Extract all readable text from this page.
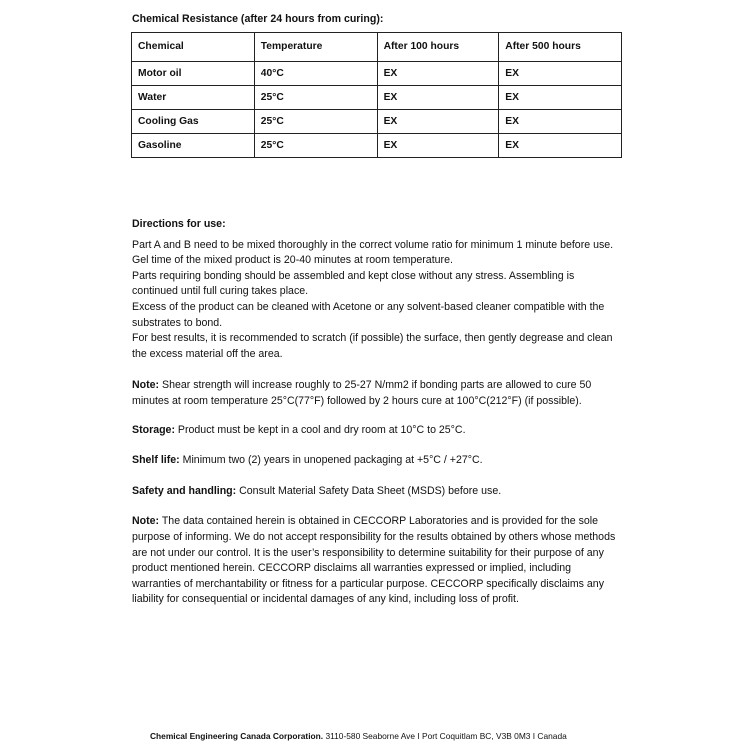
Chemical Resistance (after 24 hours from curing):
Chemical	Temperature	After 100 hours	After 500 hours
Motor oil	40°C	EX	EX
Water	25°C	EX	EX
Cooling Gas	25°C	EX	EX
Gasoline	25°C	EX	EX

Directions for use:

Part A and B need to be mixed thoroughly in the correct volume ratio for minimum 1 minute before use. Gel time of the mixed product is 20-40 minutes at room temperature.

Parts requiring bonding should be assembled and kept close without any stress. Assembling is continued until full curing takes place.

Excess of the product can be cleaned with Acetone or any solvent-based cleaner compatible with the substrates to bond.

For best results, it is recommended to scratch (if possible) the surface, then gently degrease and clean the excess material off the area.

Note: Shear strength will increase roughly to 25-27 N/mm2 if bonding parts are allowed to cure 50 minutes at room temperature 25°C(77°F) followed by 2 hours cure at 100°C(212°F) (if possible).

Storage: Product must be kept in a cool and dry room at 10°C to 25°C.

Shelf life: Minimum two (2) years in unopened packaging at +5°C / +27°C.

Safety and handling: Consult Material Safety Data Sheet (MSDS) before use.

Note: The data contained herein is obtained in CECCORP Laboratories and is provided for the sole purpose of informing. We do not accept responsibility for the results obtained by others whose methods are not under our control. It is the user’s responsibility to determine suitability for their purpose of any product mentioned herein. CECCORP disclaims all warranties expressed or implied, including warranties of merchantability or fitness for a particular purpose. CECCORP specifically disclaims any liability for consequential or incidental damages of any kind, including loss of profit.

Chemical Engineering Canada Corporation. 3110-580 Seaborne Ave I Port Coquitlam BC, V3B 0M3 I Canada
